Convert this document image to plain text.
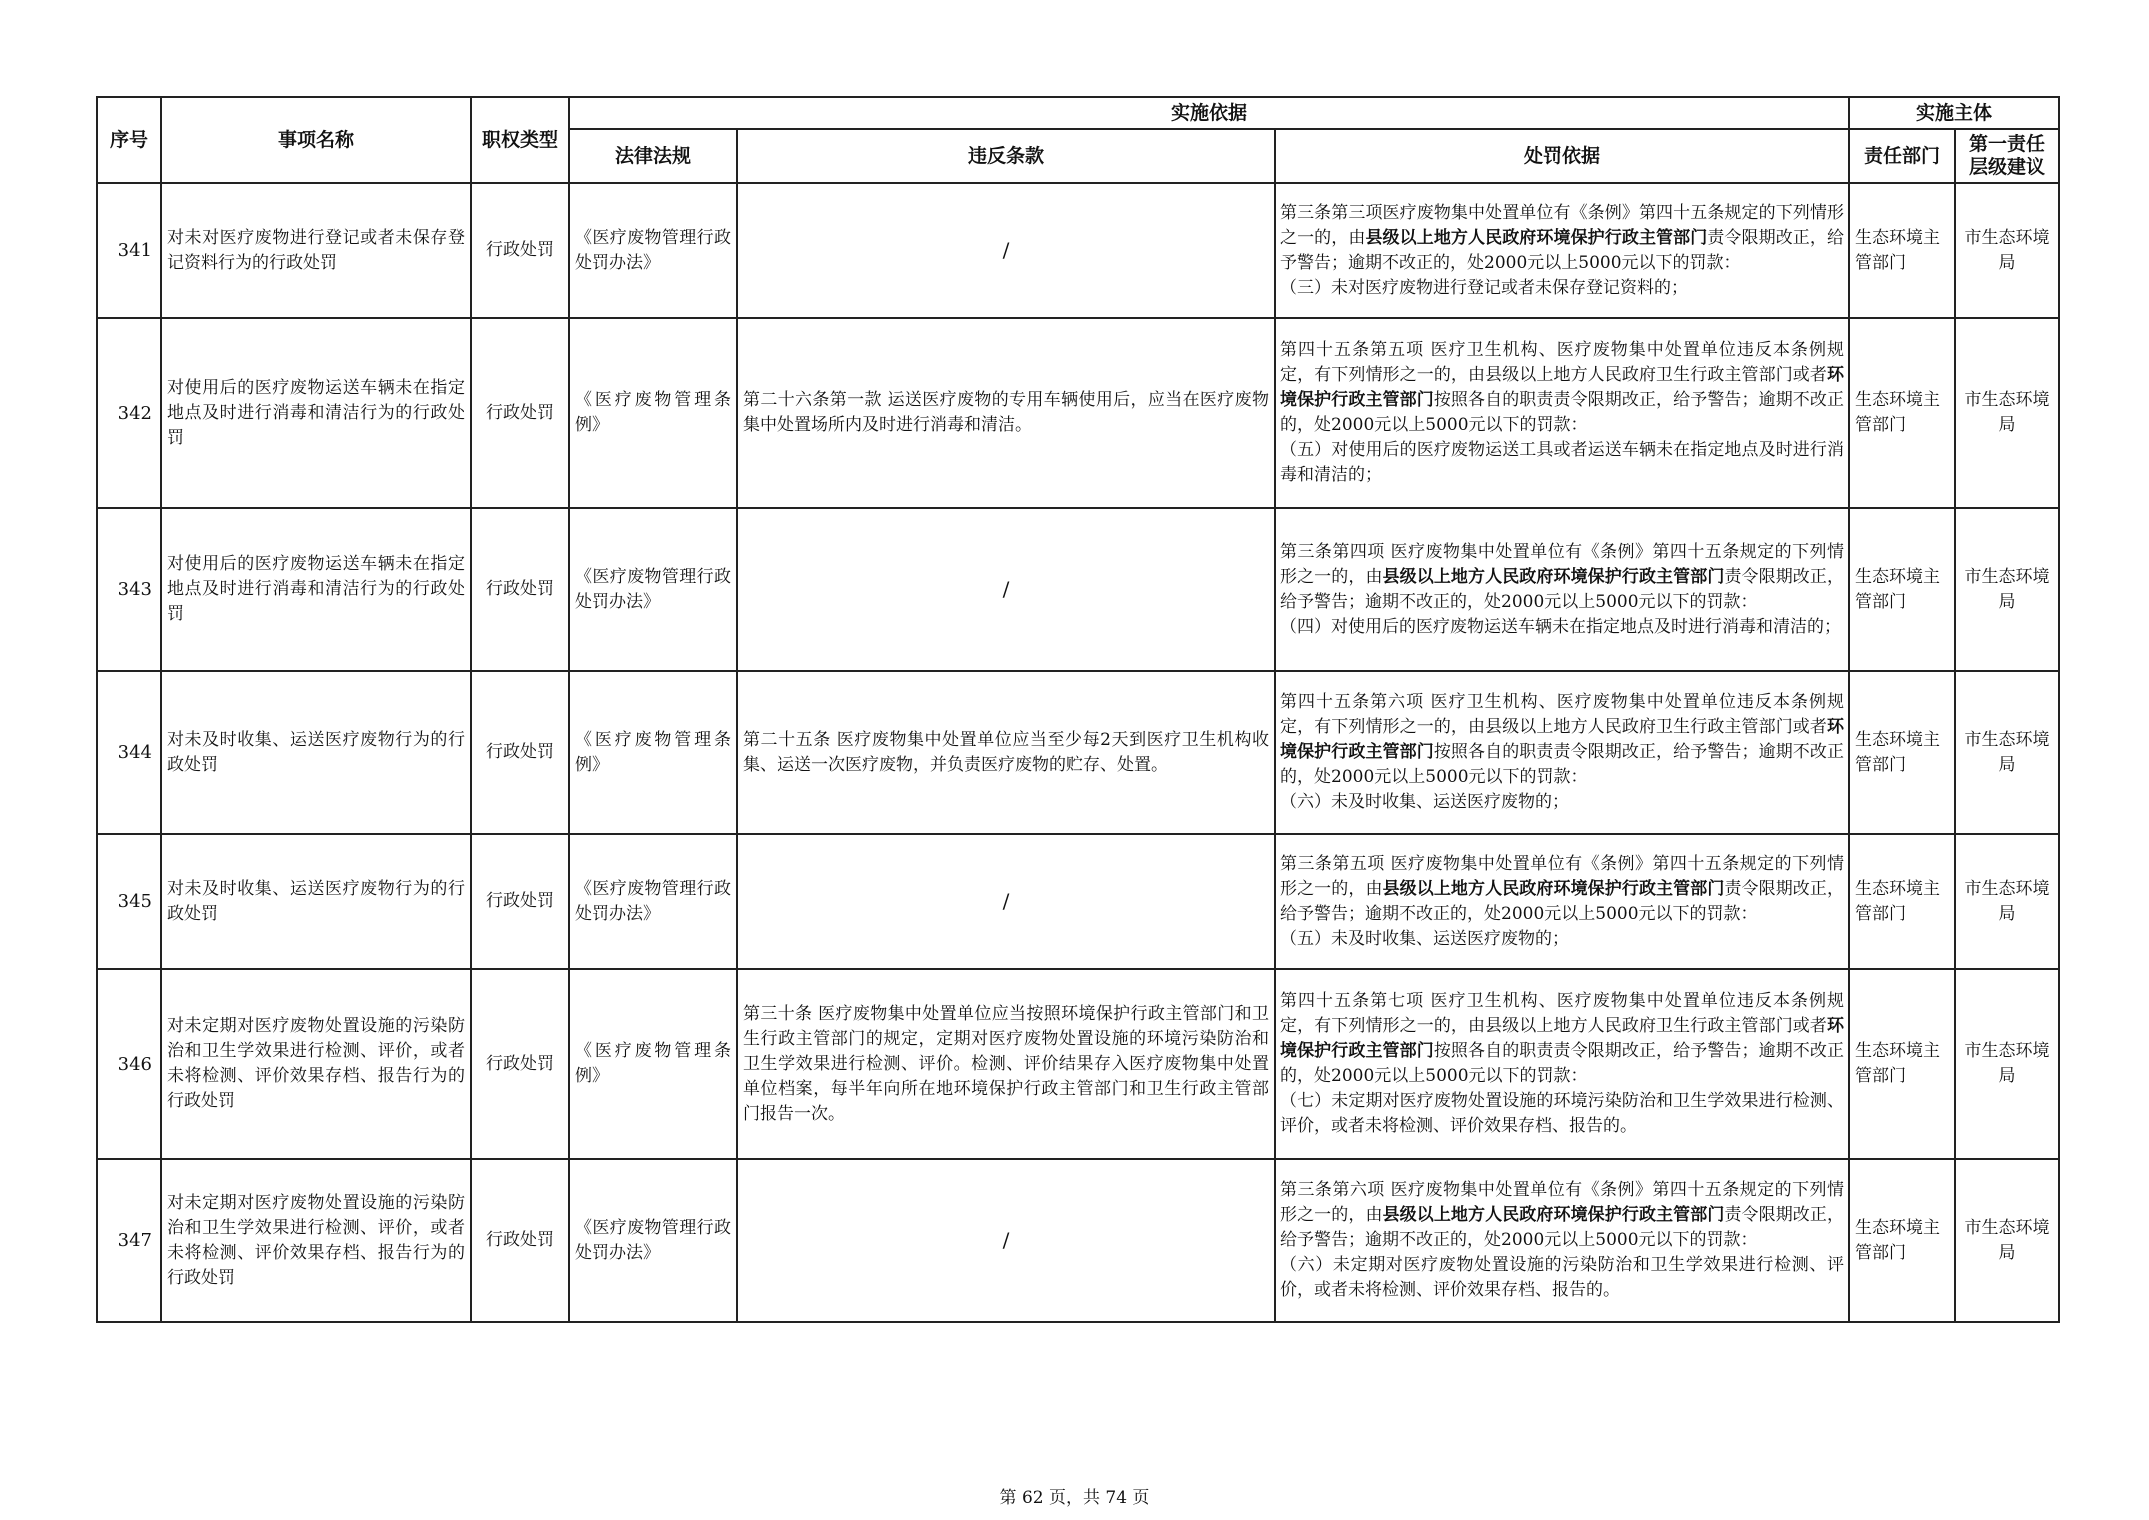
序号	事项名称	职权类型	实施依据			实施主体	
			法律法规	违反条款	处罚依据	责任部门	第一责任层级建议
341	对未对医疗废物进行登记或者未保存登记资料行为的行政处罚	行政处罚	《医疗废物管理行政处罚办法》	/	第三条第三项医疗废物集中处置单位有《条例》第四十五条规定的下列情形之一的，由县级以上地方人民政府环境保护行政主管部门责令限期改正，给予警告；逾期不改正的，处2000元以上5000元以下的罚款：

（三）未对医疗废物进行登记或者未保存登记资料的；	生态环境主管部门	市生态环境局
342	对使用后的医疗废物运送车辆未在指定地点及时进行消毒和清洁行为的行政处罚	行政处罚	《医疗废物管理条例》	第二十六条第一款 运送医疗废物的专用车辆使用后，应当在医疗废物集中处置场所内及时进行消毒和清洁。	第四十五条第五项 医疗卫生机构、医疗废物集中处置单位违反本条例规定，有下列情形之一的，由县级以上地方人民政府卫生行政主管部门或者环境保护行政主管部门按照各自的职责责令限期改正，给予警告；逾期不改正的，处2000元以上5000元以下的罚款：

（五）对使用后的医疗废物运送工具或者运送车辆未在指定地点及时进行消毒和清洁的；	生态环境主管部门	市生态环境局
343	对使用后的医疗废物运送车辆未在指定地点及时进行消毒和清洁行为的行政处罚	行政处罚	《医疗废物管理行政处罚办法》	/	第三条第四项 医疗废物集中处置单位有《条例》第四十五条规定的下列情形之一的，由县级以上地方人民政府环境保护行政主管部门责令限期改正，给予警告；逾期不改正的，处2000元以上5000元以下的罚款：

（四）对使用后的医疗废物运送车辆未在指定地点及时进行消毒和清洁的；	生态环境主管部门	市生态环境局
344	对未及时收集、运送医疗废物行为的行政处罚	行政处罚	《医疗废物管理条例》	第二十五条 医疗废物集中处置单位应当至少每2天到医疗卫生机构收集、运送一次医疗废物，并负责医疗废物的贮存、处置。	第四十五条第六项 医疗卫生机构、医疗废物集中处置单位违反本条例规定，有下列情形之一的，由县级以上地方人民政府卫生行政主管部门或者环境保护行政主管部门按照各自的职责责令限期改正，给予警告；逾期不改正的，处2000元以上5000元以下的罚款：

（六）未及时收集、运送医疗废物的；	生态环境主管部门	市生态环境局
345	对未及时收集、运送医疗废物行为的行政处罚	行政处罚	《医疗废物管理行政处罚办法》	/	第三条第五项 医疗废物集中处置单位有《条例》第四十五条规定的下列情形之一的，由县级以上地方人民政府环境保护行政主管部门责令限期改正，给予警告；逾期不改正的，处2000元以上5000元以下的罚款：

（五）未及时收集、运送医疗废物的；	生态环境主管部门	市生态环境局
346	对未定期对医疗废物处置设施的污染防治和卫生学效果进行检测、评价，或者未将检测、评价效果存档、报告行为的行政处罚	行政处罚	《医疗废物管理条例》	第三十条 医疗废物集中处置单位应当按照环境保护行政主管部门和卫生行政主管部门的规定，定期对医疗废物处置设施的环境污染防治和卫生学效果进行检测、评价。检测、评价结果存入医疗废物集中处置单位档案，每半年向所在地环境保护行政主管部门和卫生行政主管部门报告一次。	第四十五条第七项 医疗卫生机构、医疗废物集中处置单位违反本条例规定，有下列情形之一的，由县级以上地方人民政府卫生行政主管部门或者环境保护行政主管部门按照各自的职责责令限期改正，给予警告；逾期不改正的，处2000元以上5000元以下的罚款：

（七）未定期对医疗废物处置设施的环境污染防治和卫生学效果进行检测、评价，或者未将检测、评价效果存档、报告的。	生态环境主管部门	市生态环境局
347	对未定期对医疗废物处置设施的污染防治和卫生学效果进行检测、评价，或者未将检测、评价效果存档、报告行为的行政处罚	行政处罚	《医疗废物管理行政处罚办法》	/	第三条第六项 医疗废物集中处置单位有《条例》第四十五条规定的下列情形之一的，由县级以上地方人民政府环境保护行政主管部门责令限期改正，给予警告；逾期不改正的，处2000元以上5000元以下的罚款：

（六）未定期对医疗废物处置设施的污染防治和卫生学效果进行检测、评价，或者未将检测、评价效果存档、报告的。	生态环境主管部门	市生态环境局
第 62 页，共 74 页
